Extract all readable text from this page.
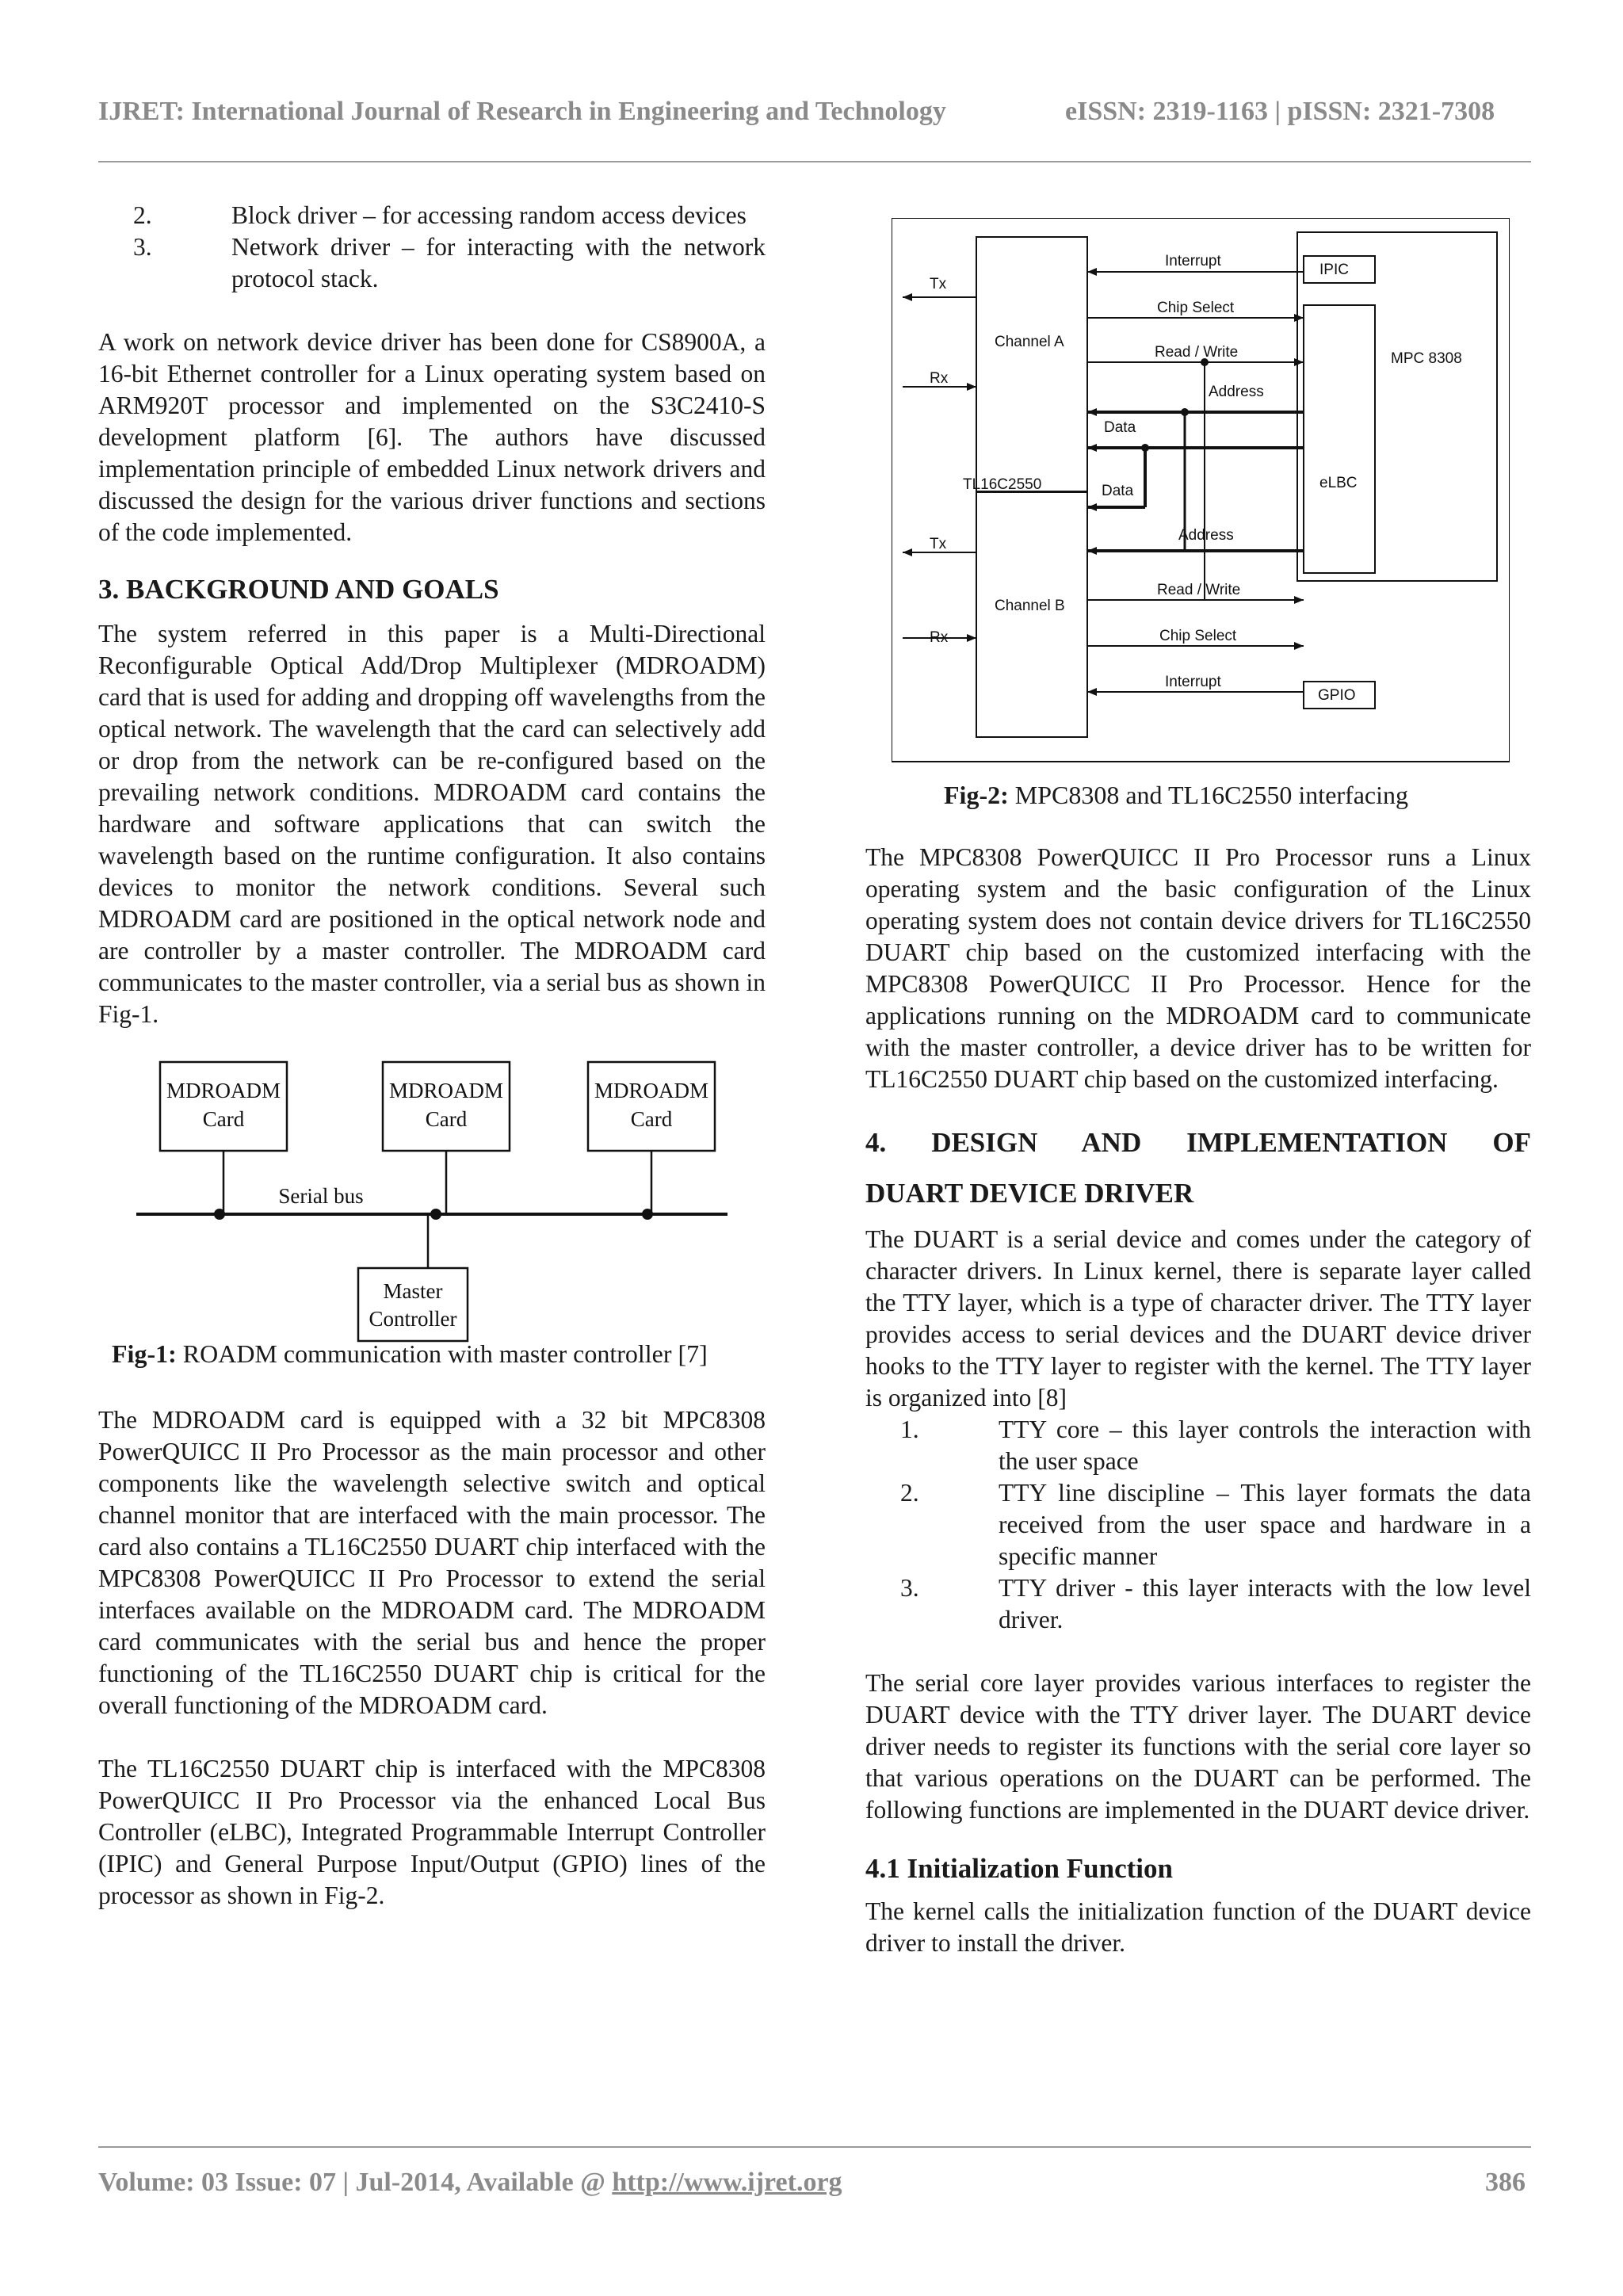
IJRET: International Journal of Research in Engineering and Technology	eISSN: 2319-1163 | pISSN: 2321-7308
2.	Block driver – for accessing random access devices
3.	Network driver – for interacting with the network protocol stack.

A work on network device driver has been done for CS8900A, a 16-bit Ethernet controller for a Linux operating system based on ARM920T processor and implemented on the S3C2410-S development platform [6]. The authors have discussed implementation principle of embedded Linux network drivers and discussed the design for the various driver functions and sections of the code implemented.

3. BACKGROUND AND GOALS

The system referred in this paper is a Multi-Directional Reconfigurable Optical Add/Drop Multiplexer (MDROADM) card that is used for adding and dropping off wavelengths from the optical network. The wavelength that the card can selectively add or drop from the network can be re-configured based on the prevailing network conditions. MDROADM card contains the hardware and software applications that can switch the wavelength based on the runtime configuration. It also contains devices to monitor the network conditions. Several such MDROADM card are positioned in the optical network node and are controller by a master controller. The MDROADM card communicates to the master controller, via a serial bus as shown in Fig-1.

MDROADM
Card
MDROADM
Card
MDROADM
Card
Serial bus
Master
Controller
Fig-1: ROADM communication with master controller [7]

The MDROADM card is equipped with a 32 bit MPC8308 PowerQUICC II Pro Processor as the main processor and other components like the wavelength selective switch and optical channel monitor that are interfaced with the main processor. The card also contains a TL16C2550 DUART chip interfaced with the MPC8308 PowerQUICC II Pro Processor to extend the serial interfaces available on the MDROADM card. The MDROADM card communicates with the serial bus and hence the proper functioning of the TL16C2550 DUART chip is critical for the overall functioning of the MDROADM card.

The TL16C2550 DUART chip is interfaced with the MPC8308 PowerQUICC II Pro Processor via the enhanced Local Bus Controller (eLBC), Integrated Programmable Interrupt Controller (IPIC) and General Purpose Input/Output (GPIO) lines of the processor as shown in Fig-2.

Tx
Rx
Tx
Rx
Channel A
Channel B
TL16C2550
Interrupt
Chip Select
Read / Write
Address
Data
Data
Address
Read / Write
Chip Select
Interrupt
IPIC
GPIO
eLBC
MPC 8308
Fig-2: MPC8308 and TL16C2550 interfacing

The MPC8308 PowerQUICC II Pro Processor runs a Linux operating system and the basic configuration of the Linux operating system does not contain device drivers for TL16C2550 DUART chip based on the customized interfacing with the MPC8308 PowerQUICC II Pro Processor. Hence for the applications running on the MDROADM card to communicate with the master controller, a device driver has to be written for TL16C2550 DUART chip based on the customized interfacing.

4. DESIGN AND IMPLEMENTATION OF

DUART DEVICE DRIVER

The DUART is a serial device and comes under the category of character drivers. In Linux kernel, there is separate layer called the TTY layer, which is a type of character driver. The TTY layer provides access to serial devices and the DUART device driver hooks to the TTY layer to register with the kernel. The TTY layer is organized into [8]

1.	TTY core – this layer controls the interaction with the user space
2.	TTY line discipline – This layer formats the data received from the user space and hardware in a specific manner
3.	TTY driver - this layer interacts with the low level driver.

The serial core layer provides various interfaces to register the DUART device with the TTY driver layer. The DUART device driver needs to register its functions with the serial core layer so that various operations on the DUART can be performed. The following functions are implemented in the DUART device driver.

4.1 Initialization Function

The kernel calls the initialization function of the DUART device driver to install the driver.

Volume: 03 Issue: 07 | Jul-2014, Available @ http://www.ijret.org	386
